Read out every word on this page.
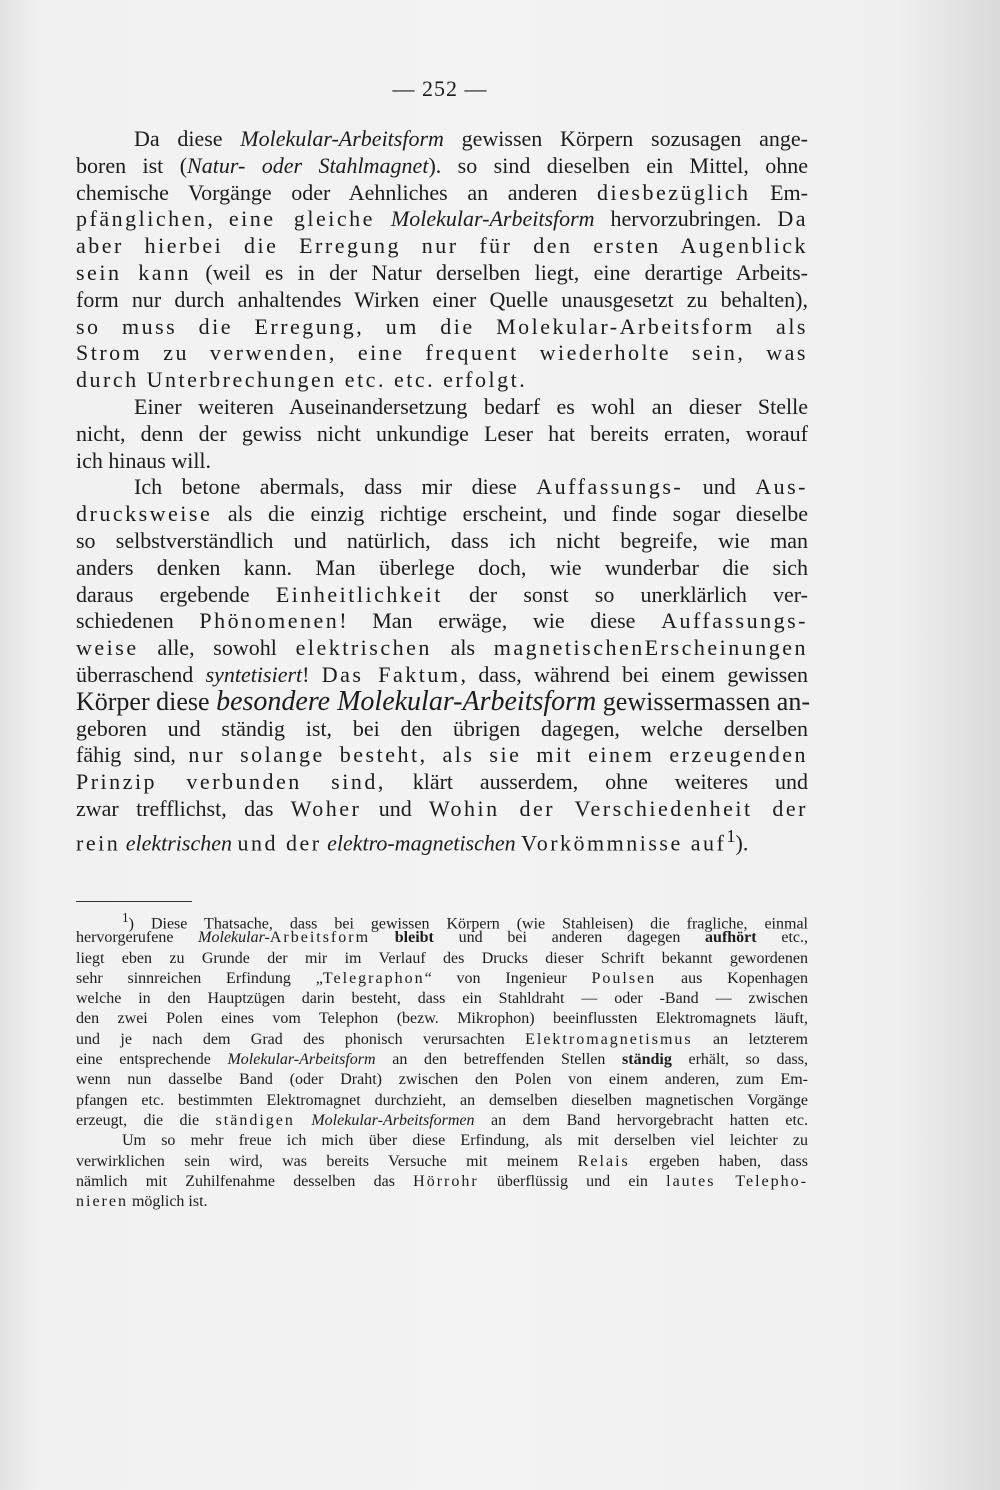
— 252 —
Da diese Molekular-Arbeitsform gewissen Körpern sozusagen ange-
boren ist (Natur- oder Stahlmagnet). so sind dieselben ein Mittel, ohne
chemische Vorgänge oder Aehnliches an anderen diesbezüglich Em-
pfänglichen, eine gleiche Molekular-Arbeitsform hervorzubringen. Da
aber hierbei die Erregung nur für den ersten Augenblick
sein kann (weil es in der Natur derselben liegt, eine derartige Arbeits-
form nur durch anhaltendes Wirken einer Quelle unausgesetzt zu behalten),
so muss die Erregung, um die Molekular-Arbeitsform als
Strom zu verwenden, eine frequent wiederholte sein, was
durch Unterbrechungen etc. etc. erfolgt.
Einer weiteren Auseinandersetzung bedarf es wohl an dieser Stelle
nicht, denn der gewiss nicht unkundige Leser hat bereits erraten, worauf
ich hinaus will.
Ich betone abermals, dass mir diese Auffassungs- und Aus-
drucksweise als die einzig richtige erscheint, und finde sogar dieselbe
so selbstverständlich und natürlich, dass ich nicht begreife, wie man
anders denken kann. Man überlege doch, wie wunderbar die sich
daraus ergebende Einheitlichkeit der sonst so unerklärlich ver-
schiedenen Phönomenen! Man erwäge, wie diese Auffassungs-
weise alle, sowohl elektrischen als magnetischenErscheinungen
überraschend syntetisiert! Das Faktum, dass, während bei einem gewissen
Körper diese besondere Molekular-Arbeitsform gewissermassen an-
geboren und ständig ist, bei den übrigen dagegen, welche derselben
fähig sind, nur solange besteht, als sie mit einem erzeugenden
Prinzip verbunden sind, klärt ausserdem, ohne weiteres und
zwar trefflichst, das Woher und Wohin der Verschiedenheit der
rein elektrischen und der elektro-magnetischen Vorkömmnisse auf$^1$).
$^1$) Diese Thatsache, dass bei gewissen Körpern (wie Stahleisen) die fragliche, einmal
hervorgerufene Molekular-Arbeitsform bleibt und bei anderen dagegen aufhört etc.,
liegt eben zu Grunde der mir im Verlauf des Drucks dieser Schrift bekannt gewordenen
sehr sinnreichen Erfindung „Telegraphon“ von Ingenieur Poulsen aus Kopenhagen
welche in den Hauptzügen darin besteht, dass ein Stahldraht — oder -Band — zwischen
den zwei Polen eines vom Telephon (bezw. Mikrophon) beeinflussten Elektromagnets läuft,
und je nach dem Grad des phonisch verursachten Elektromagnetismus an letzterem
eine entsprechende Molekular-Arbeitsform an den betreffenden Stellen ständig erhält, so dass,
wenn nun dasselbe Band (oder Draht) zwischen den Polen von einem anderen, zum Em-
pfangen etc. bestimmten Elektromagnet durchzieht, an demselben dieselben magnetischen Vorgänge
erzeugt, die die ständigen Molekular-Arbeitsformen an dem Band hervorgebracht hatten etc.
Um so mehr freue ich mich über diese Erfindung, als mit derselben viel leichter zu
verwirklichen sein wird, was bereits Versuche mit meinem Relais ergeben haben, dass
nämlich mit Zuhilfenahme desselben das Hörrohr überflüssig und ein lautes Telepho-
nieren möglich ist.
